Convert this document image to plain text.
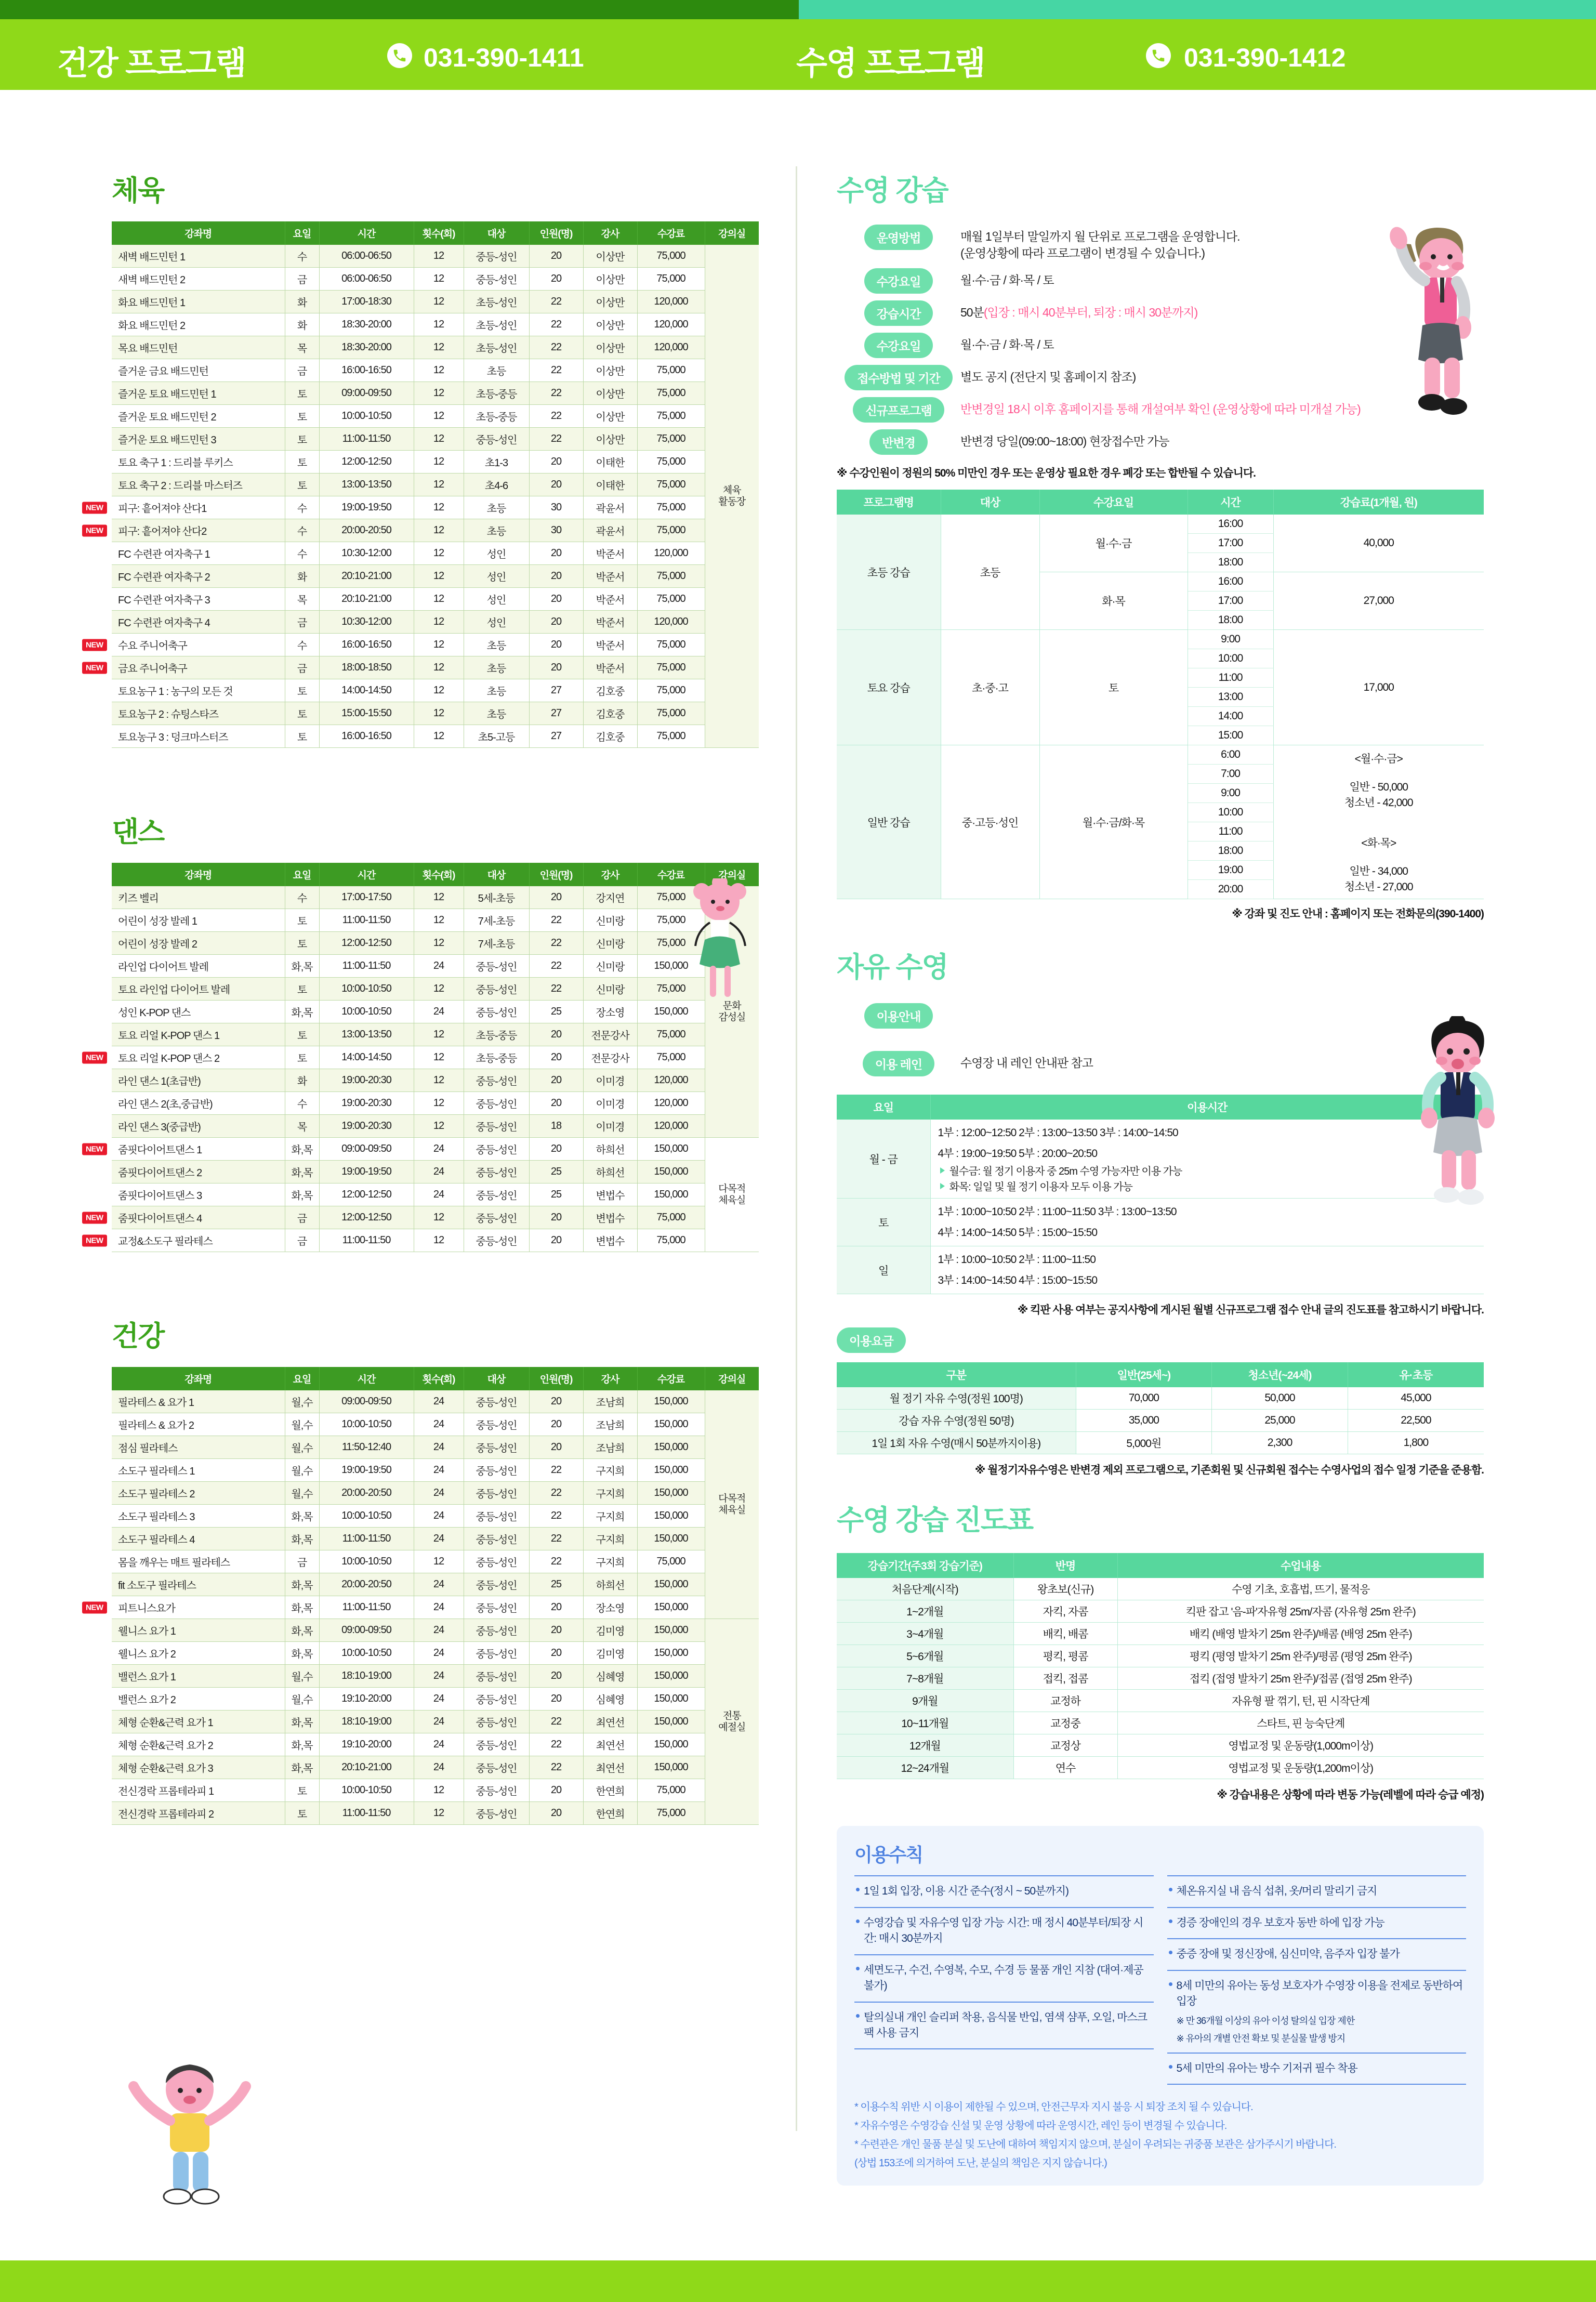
건강 프로그램	031-390-1411	수영 프로그램	031-390-1412
체육
강좌명	요일	시간	횟수(회)	대상	인원(명)	강사	수강료	강의실
새벽 배드민턴 1	수	06:00-06:50	12	중등-성인	20	이상만	75,000	체육
활동장
새벽 배드민턴 2	금	06:00-06:50	12	중등-성인	20	이상만	75,000	
화요 배드민턴 1	화	17:00-18:30	12	초등-성인	22	이상만	120,000	
화요 배드민턴 2	화	18:30-20:00	12	초등-성인	22	이상만	120,000	
목요 배드민턴	목	18:30-20:00	12	초등-성인	22	이상만	120,000	
즐거운 금요 배드민턴	금	16:00-16:50	12	초등	22	이상만	75,000	
즐거운 토요 배드민턴 1	토	09:00-09:50	12	초등-중등	22	이상만	75,000	
즐거운 토요 배드민턴 2	토	10:00-10:50	12	초등-중등	22	이상만	75,000	
즐거운 토요 배드민턴 3	토	11:00-11:50	12	중등-성인	22	이상만	75,000	
토요 축구 1 : 드리블 루키스	토	12:00-12:50	12	초1-3	20	이태한	75,000	
토요 축구 2 : 드리블 마스터즈	토	13:00-13:50	12	초4-6	20	이태한	75,000	

NEW 피구: 흩어져야 산다1	수	19:00-19:50	12	초등	30	곽윤서	75,000	

NEW 피구: 흩어져야 산다2	수	20:00-20:50	12	초등	30	곽윤서	75,000	
FC 수련관 여자축구 1	수	10:30-12:00	12	성인	20	박준서	120,000	
FC 수련관 여자축구 2	화	20:10-21:00	12	성인	20	박준서	75,000	
FC 수련관 여자축구 3	목	20:10-21:00	12	성인	20	박준서	75,000	
FC 수련관 여자축구 4	금	10:30-12:00	12	성인	20	박준서	120,000	

NEW 수요 주니어축구	수	16:00-16:50	12	초등	20	박준서	75,000	

NEW 금요 주니어축구	금	18:00-18:50	12	초등	20	박준서	75,000	
토요농구 1 : 농구의 모든 것	토	14:00-14:50	12	초등	27	김호중	75,000	
토요농구 2 : 슈팅스타즈	토	15:00-15:50	12	초등	27	김호중	75,000	
토요농구 3 : 덩크마스터즈	토	16:00-16:50	12	초5-고등	27	김호중	75,000	
댄스
강좌명	요일	시간	횟수(회)	대상	인원(명)	강사	수강료	강의실
키즈 벨리	수	17:00-17:50	12	5세-초등	20	강지연	75,000	문화
감성실
어린이 성장 발레 1	토	11:00-11:50	12	7세-초등	22	신미랑	75,000	
어린이 성장 발레 2	토	12:00-12:50	12	7세-초등	22	신미랑	75,000	
라인업 다이어트 발레	화,목	11:00-11:50	24	중등-성인	22	신미랑	150,000	
토요 라인업 다이어트 발레	토	10:00-10:50	12	중등-성인	22	신미랑	75,000	
성인 K-POP 댄스	화,목	10:00-10:50	24	중등-성인	25	장소영	150,000	
토요 리얼 K-POP 댄스 1	토	13:00-13:50	12	초등-중등	20	전문강사	75,000	

NEW 토요 리얼 K-POP 댄스 2	토	14:00-14:50	12	초등-중등	20	전문강사	75,000	
라인 댄스 1(초급반)	화	19:00-20:30	12	중등-성인	20	이미경	120,000	
라인 댄스 2(초,중급반)	수	19:00-20:30	12	중등-성인	20	이미경	120,000	
라인 댄스 3(중급반)	목	19:00-20:30	12	중등-성인	18	이미경	120,000	

NEW 줌핏다이어트댄스 1	화,목	09:00-09:50	24	중등-성인	20	하희선	150,000	다목적
체육실
줌핏다이어트댄스 2	화,목	19:00-19:50	24	중등-성인	25	하희선	150,000	
줌핏다이어트댄스 3	화,목	12:00-12:50	24	중등-성인	25	변법수	150,000	

NEW 줌핏다이어트댄스 4	금	12:00-12:50	12	중등-성인	20	변법수	75,000	

NEW 교정&소도구 필라테스	금	11:00-11:50	12	중등-성인	20	변법수	75,000	
건강
강좌명	요일	시간	횟수(회)	대상	인원(명)	강사	수강료	강의실
필라테스 & 요가 1	월,수	09:00-09:50	24	중등-성인	20	조남희	150,000	다목적
체육실
필라테스 & 요가 2	월,수	10:00-10:50	24	중등-성인	20	조남희	150,000	
점심 필라테스	월,수	11:50-12:40	24	중등-성인	20	조남희	150,000	
소도구 필라테스 1	월,수	19:00-19:50	24	중등-성인	22	구지희	150,000	
소도구 필라테스 2	월,수	20:00-20:50	24	중등-성인	22	구지희	150,000	
소도구 필라테스 3	화,목	10:00-10:50	24	중등-성인	22	구지희	150,000	
소도구 필라테스 4	화,목	11:00-11:50	24	중등-성인	22	구지희	150,000	
몸을 깨우는 매트 필라테스	금	10:00-10:50	12	중등-성인	22	구지희	75,000	
fit 소도구 필라테스	화,목	20:00-20:50	24	중등-성인	25	하희선	150,000	

NEW 피트니스요가	화,목	11:00-11:50	24	중등-성인	20	장소영	150,000	
웰니스 요가 1	화,목	09:00-09:50	24	중등-성인	20	김미영	150,000	전통
예절실
웰니스 요가 2	화,목	10:00-10:50	24	중등-성인	20	김미영	150,000	
밸런스 요가 1	월,수	18:10-19:00	24	중등-성인	20	심혜영	150,000	
밸런스 요가 2	월,수	19:10-20:00	24	중등-성인	20	심혜영	150,000	
체형 순환&근력 요가 1	화,목	18:10-19:00	24	중등-성인	22	최연선	150,000	
체형 순환&근력 요가 2	화,목	19:10-20:00	24	중등-성인	22	최연선	150,000	
체형 순환&근력 요가 3	화,목	20:10-21:00	24	중등-성인	22	최연선	150,000	
전신경락 프롭테라피 1	토	10:00-10:50	12	중등-성인	20	한연희	75,000	
전신경락 프롭테라피 2	토	11:00-11:50	12	중등-성인	20	한연희	75,000	
수영 강습
운영방법	매월 1일부터 말일까지 월 단위로 프로그램을 운영합니다.
(운영상황에 따라 프로그램이 변경될 수 있습니다.)
수강요일	월·수·금 / 화·목 / 토
강습시간	50분(입장 : 매시 40분부터, 퇴장 : 매시 30분까지)
수강요일	월·수·금 / 화·목 / 토
접수방법 및 기간	별도 공지 (전단지 및 홈페이지 참조)
신규프로그램	반변경일 18시 이후 홈페이지를 통해 개설여부 확인 (운영상황에 따라 미개설 가능)
반변경	반변경 당일(09:00~18:00) 현장접수만 가능
※ 수강인원이 정원의 50% 미만인 경우 또는 운영상 필요한 경우 폐강 또는 합반될 수 있습니다.
프로그램명	대상	수강요일	시간	강습료(1개월, 원)
초등 강습	초등	월·수·금	16:00	40,000
			17:00	
			18:00	
		화·목	16:00	27,000
			17:00	
			18:00	
토요 강습	초·중·고	토	9:00	17,000
			10:00	
			11:00	
			13:00	
			14:00	
			15:00	
일반 강습	중·고등·성인	월·수·금/화·목	6:00	<월·수·금>

일반 - 50,000
청소년 - 42,000

<화·목>

일반 - 34,000
청소년 - 27,000
			7:00	
			9:00	
			10:00	
			11:00	
			18:00	
			19:00	
			20:00	
※ 강좌 및 진도 안내 : 홈페이지 또는 전화문의(390-1400)
자유 수영
이용안내
이용 레인	수영장 내 레인 안내판 참고
요일	이용시간
월 - 금	1부 : 12:00~12:50 2부 : 13:00~13:50 3부 : 14:00~14:50
4부 : 19:00~19:50 5부 : 20:00~20:50
월수금: 월 정기 이용자 중 25m 수영 가능자만 이용 가능
화목: 일일 및 월 정기 이용자 모두 이용 가능

토	1부 : 10:00~10:50 2부 : 11:00~11:50 3부 : 13:00~13:50
4부 : 14:00~14:50 5부 : 15:00~15:50

일	1부 : 10:00~10:50 2부 : 11:00~11:50
3부 : 14:00~14:50 4부 : 15:00~15:50
※ 킥판 사용 여부는 공지사항에 게시된 월별 신규프로그램 접수 안내 글의 진도표를 참고하시기 바랍니다.
이용요금
구분	일반(25세~)	청소년(~24세)	유·초등
월 정기 자유 수영(정원 100명)	70,000	50,000	45,000
강습 자유 수영(정원 50명)	35,000	25,000	22,500
1일 1회 자유 수영(매시 50분까지이용)	5,000원	2,300	1,800
※ 월정기자유수영은 반변경 제외 프로그램으로, 기존회원 및 신규회원 접수는 수영사업의 접수 일정 기준을 준용함.
수영 강습 진도표
강습기간(주3회 강습기준)	반명	수업내용
처음단계(시작)	왕초보(신규)	수영 기초, 호흡법, 뜨기, 물적응
1~2개월	자킥, 자콤	킥판 잡고 '음-파'자유형 25m/자콤 (자유형 25m 완주)
3~4개월	배킥, 배콤	배킥 (배영 발차기 25m 완주)/배콤 (배영 25m 완주)
5~6개월	평킥, 평콤	평킥 (평영 발차기 25m 완주)/평콤 (평영 25m 완주)
7~8개월	접킥, 접콤	접킥 (접영 발차기 25m 완주)/접콤 (접영 25m 완주)
9개월	교정하	자유형 팔 꺾기, 턴, 핀 시작단계
10~11개월	교정중	스타트, 핀 능숙단계
12개월	교정상	영법교정 및 운동량(1,000m이상)
12~24개월	연수	영법교정 및 운동량(1,200m이상)
※ 강습내용은 상황에 따라 변동 가능(레벨에 따라 승급 예정)
이용수칙
1일 1회 입장, 이용 시간 준수(정시 ~ 50분까지)
수영강습 및 자유수영 입장 가능 시간: 매 정시 40분부터/퇴장 시간: 매시 30분까지
세면도구, 수건, 수영복, 수모, 수경 등 물품 개인 지참 (대여·제공불가)
탈의실내 개인 슬리퍼 착용, 음식물 반입, 염색 샴푸, 오일, 마스크팩 사용 금지
체온유지실 내 음식 섭취, 옷/머리 말리기 금지
경증 장애인의 경우 보호자 동반 하에 입장 가능
중증 장애 및 정신장애, 심신미약, 음주자 입장 불가
8세 미만의 유아는 동성 보호자가 수영장 이용을 전제로 동반하여 입장
※ 만 36개월 이상의 유아 이성 탈의실 입장 제한
※ 유아의 개별 안전 확보 및 분실물 발생 방지
5세 미만의 유아는 방수 기저귀 필수 착용
* 이용수칙 위반 시 이용이 제한될 수 있으며, 안전근무자 지시 불응 시 퇴장 조치 될 수 있습니다.
* 자유수영은 수영강습 신설 및 운영 상황에 따라 운영시간, 레인 등이 변경될 수 있습니다.
* 수련관은 개인 물품 분실 및 도난에 대하여 책임지지 않으며, 분실이 우려되는 귀중품 보관은 삼가주시기 바랍니다.
(상법 153조에 의거하여 도난, 분실의 책임은 지지 않습니다.)
